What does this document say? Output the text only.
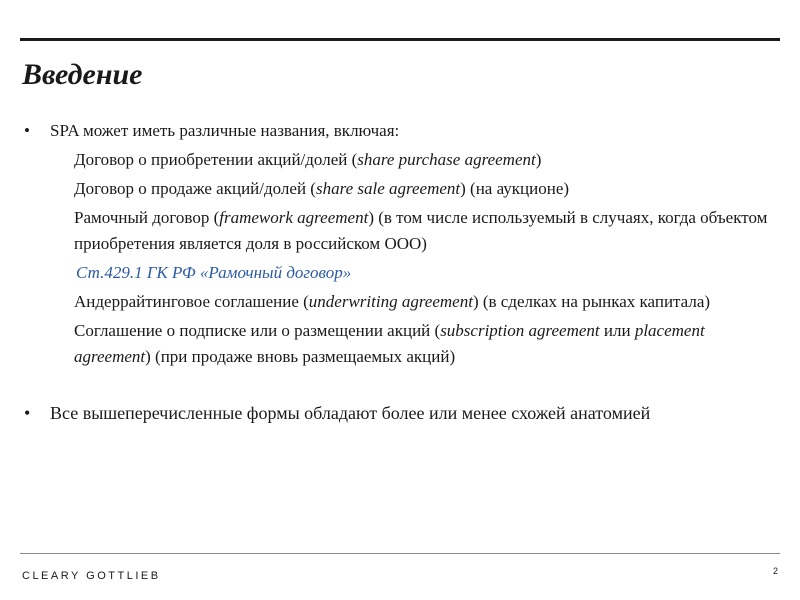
Введение
• SPA может иметь различные названия, включая:
Договор о приобретении акций/долей (share purchase agreement)
Договор о продаже акций/долей (share sale agreement) (на аукционе)
Рамочный договор (framework agreement) (в том числе используемый в случаях, когда объектом приобретения является доля в российском ООО)
Ст.429.1 ГК РФ «Рамочный договор»
Андеррайтинговое соглашение (underwriting agreement) (в сделках на рынках капитала)
Соглашение о подписке или о размещении акций (subscription agreement или placement agreement) (при продаже вновь размещаемых акций)
• Все вышеперечисленные формы обладают более или менее схожей анатомией
CLEARY GOTTLIEB	2
